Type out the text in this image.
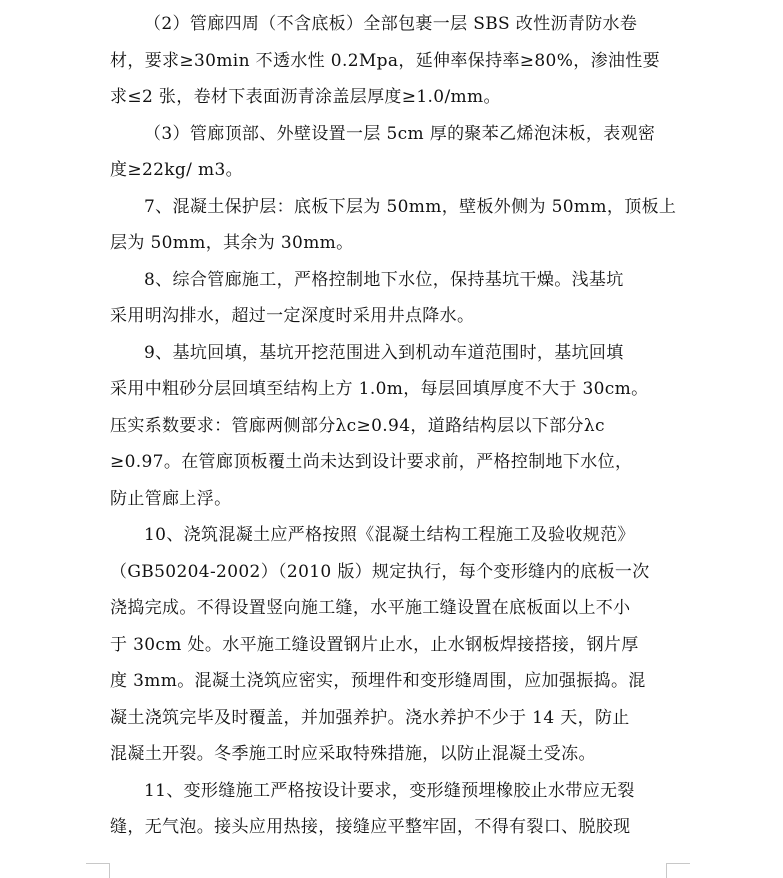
（2）管廊四周（不含底板）全部包裹一层 SBS 改性沥青防水卷
材，要求≥30min 不透水性 0.2Mpa，延伸率保持率≥80%，渗油性要
求≤2 张，卷材下表面沥青涂盖层厚度≥1.0/mm。

（3）管廊顶部、外壁设置一层 5cm 厚的聚苯乙烯泡沫板，表观密
度≥22kg/ m3。

7、混凝土保护层：底板下层为 50mm，壁板外侧为 50mm，顶板上
层为 50mm，其余为 30mm。

8、综合管廊施工，严格控制地下水位，保持基坑干燥。浅基坑
采用明沟排水，超过一定深度时采用井点降水。

9、基坑回填，基坑开挖范围进入到机动车道范围时，基坑回填
采用中粗砂分层回填至结构上方 1.0m，每层回填厚度不大于 30cm。
压实系数要求：管廊两侧部分λc≥0.94，道路结构层以下部分λc
≥0.97。在管廊顶板覆土尚未达到设计要求前，严格控制地下水位，
防止管廊上浮。

10、浇筑混凝土应严格按照《混凝土结构工程施工及验收规范》
（GB50204-2002）（2010 版）规定执行，每个变形缝内的底板一次
浇捣完成。不得设置竖向施工缝，水平施工缝设置在底板面以上不小
于 30cm 处。水平施工缝设置钢片止水，止水钢板焊接搭接，钢片厚
度 3mm。混凝土浇筑应密实，预埋件和变形缝周围，应加强振捣。混
凝土浇筑完毕及时覆盖，并加强养护。浇水养护不少于 14 天，防止
混凝土开裂。冬季施工时应采取特殊措施，以防止混凝土受冻。

11、变形缝施工严格按设计要求，变形缝预埋橡胶止水带应无裂
缝，无气泡。接头应用热接，接缝应平整牢固，不得有裂口、脱胶现
